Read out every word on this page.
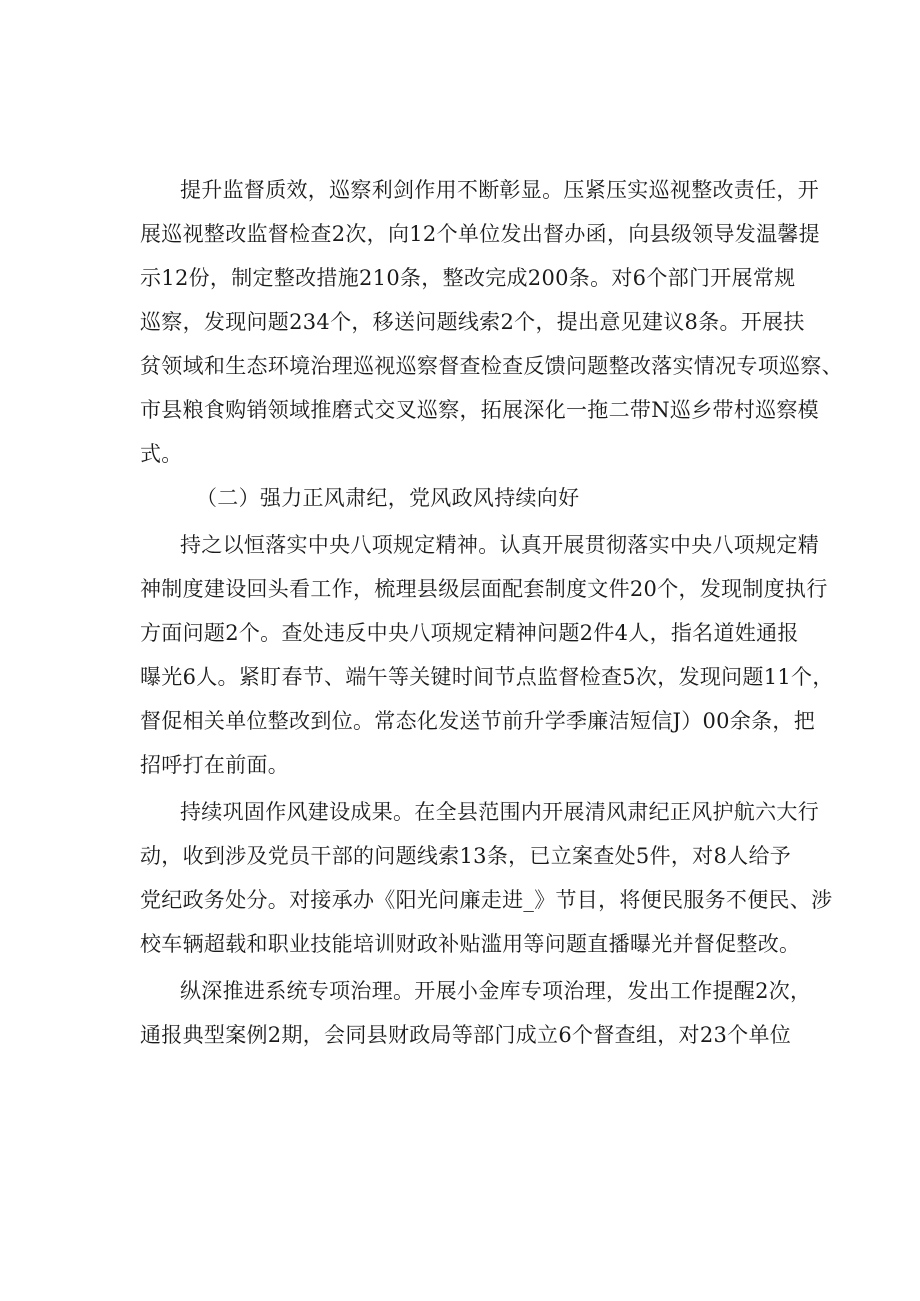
提升监督质效，巡察利剑作用不断彰显。压紧压实巡视整改责任，开
展巡视整改监督检查2次，向12个单位发出督办函，向县级领导发温馨提
示12份，制定整改措施210条，整改完成200条。对6个部门开展常规
巡察，发现问题234个，移送问题线索2个，提出意见建议8条。开展扶
贫领域和生态环境治理巡视巡察督查检查反馈问题整改落实情况专项巡察、
市县粮食购销领域推磨式交叉巡察，拓展深化一拖二带N巡乡带村巡察模
式。
（二）强力正风肃纪，党风政风持续向好
持之以恒落实中央八项规定精神。认真开展贯彻落实中央八项规定精
神制度建设回头看工作，梳理县级层面配套制度文件20个，发现制度执行
方面问题2个。查处违反中央八项规定精神问题2件4人，指名道姓通报
曝光6人。紧盯春节、端午等关键时间节点监督检查5次，发现问题11个，
督促相关单位整改到位。常态化发送节前升学季廉洁短信J）00余条，把
招呼打在前面。
持续巩固作风建设成果。在全县范围内开展清风肃纪正风护航六大行
动，收到涉及党员干部的问题线索13条，已立案查处5件，对8人给予
党纪政务处分。对接承办《阳光问廉走进_》节目，将便民服务不便民、涉
校车辆超载和职业技能培训财政补贴滥用等问题直播曝光并督促整改。
纵深推进系统专项治理。开展小金库专项治理，发出工作提醒2次，
通报典型案例2期，会同县财政局等部门成立6个督查组，对23个单位
